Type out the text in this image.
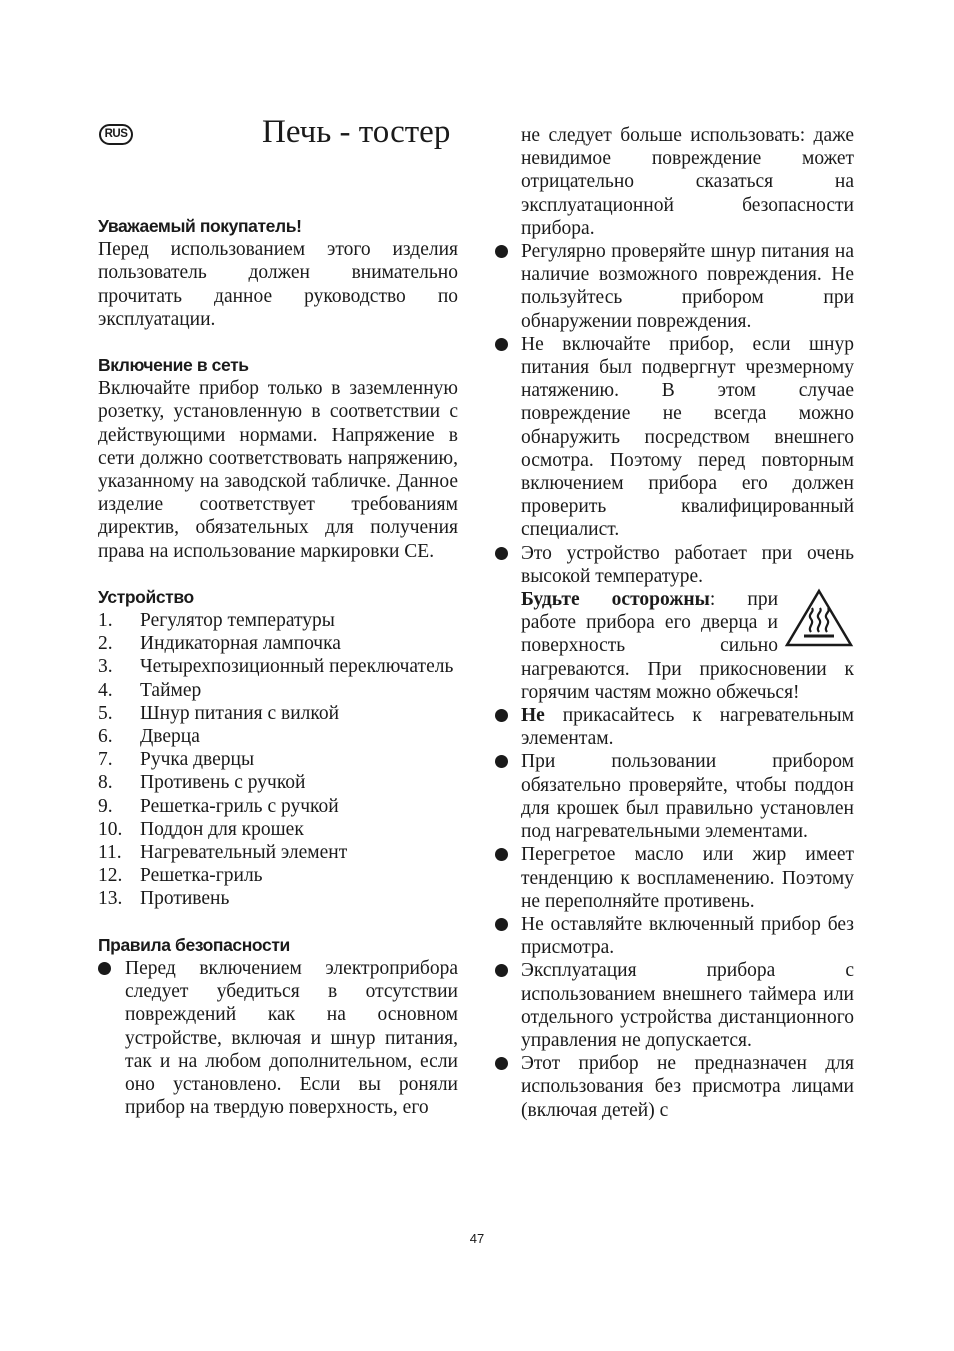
RUS	Печь - тостер

Уважаемый покупатель!

Перед использованием этого изделия пользователь должен внимательно прочитать данное руководство по эксплуатации.

Включение в сеть

Включайте прибор только в заземленную розетку, установленную в соответствии с действующими нормами. Напряжение в сети должно соответствовать напряжению, указанному на заводской табличке. Данное изделие соответствует требованиям директив, обязательных для получения права на использование маркировки CE.

Устройство

1.	Регулятор температуры
2.	Индикаторная лампочка
3.	Четырехпозиционный переключатель
4.	Таймер
5.	Шнур питания с вилкой
6.	Дверца
7.	Ручка дверцы
8.	Противень с ручкой
9.	Решетка-гриль с ручкой
10. Поддон для крошек
11. Нагревательный элемент
12. Решетка-гриль
13. Противень

Правила безопасности

Перед включением электроприбора следует убедиться в отсутствии повреждений как на основном устройстве, включая и шнур питания, так и на любом дополнительном, если оно установлено. Если вы роняли прибор на твердую поверхность, его

не следует больше использовать: даже невидимое повреждение может отрицательно сказаться на эксплуатационной безопасности прибора.

Регулярно проверяйте шнур питания на наличие возможного повреждения. Не пользуйтесь прибором при обнаружении повреждения.
Не включайте прибор, если шнур питания был подвергнут чрезмерному натяжению. В этом случае повреждение не всегда можно обнаружить посредством внешнего осмотра. Поэтому перед повторным включением прибора его должен проверить квалифицированный специалист.
Это устройство работает при очень высокой температуре.
Будьте осторожны: при работе прибора его дверца и поверхность сильно нагреваются. При прикосновении к горячим частям можно обжечься!
Не прикасайтесь к нагревательным элементам.
При пользовании прибором обязательно проверяйте, чтобы поддон для крошек был правильно установлен под нагревательными элементами.
Перегретое масло или жир имеет тенденцию к воспламенению. Поэтому не переполняйте противень.
Не оставляйте включенный прибор без присмотра.
Эксплуатация прибора с использованием внешнего таймера или отдельного устройства дистанционного управления не допускается.
Этот прибор не предназначен для использования без присмотра лицами (включая детей) с
47
